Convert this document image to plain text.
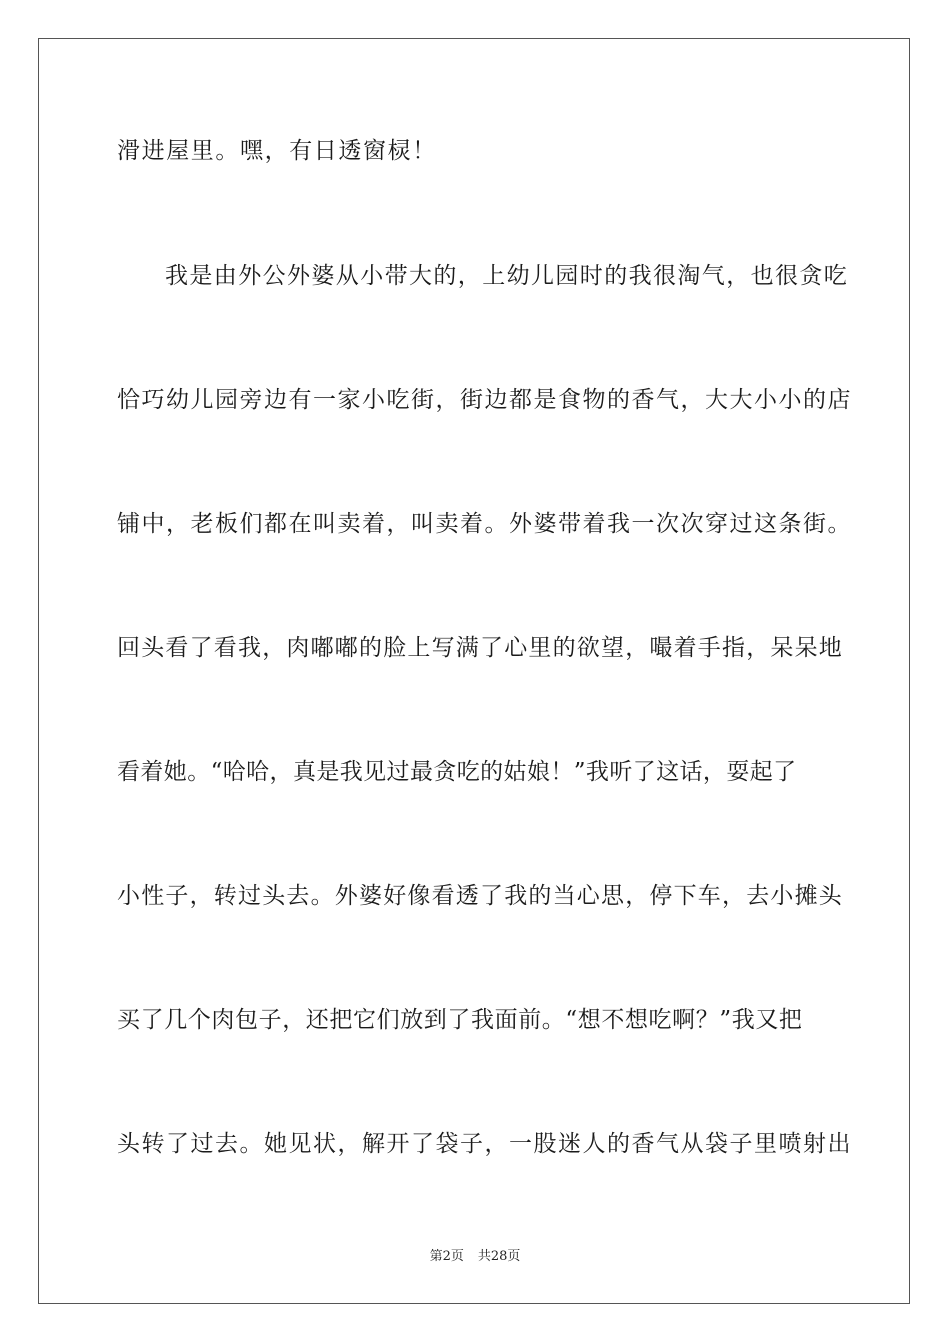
滑进屋里。嘿，有日透窗棂！

我是由外公外婆从小带大的，上幼儿园时的我很淘气，也很贪吃

恰巧幼儿园旁边有一家小吃街，街边都是食物的香气，大大小小的店

铺中，老板们都在叫卖着，叫卖着。外婆带着我一次次穿过这条街。

回头看了看我，肉嘟嘟的脸上写满了心里的欲望，嘬着手指，呆呆地

看着她。“哈哈，真是我见过最贪吃的姑娘！”我听了这话，耍起了

小性子，转过头去。外婆好像看透了我的当心思，停下车，去小摊头

买了几个肉包子，还把它们放到了我面前。“想不想吃啊？”我又把

头转了过去。她见状，解开了袋子，一股迷人的香气从袋子里喷射出

第2页 共28页
